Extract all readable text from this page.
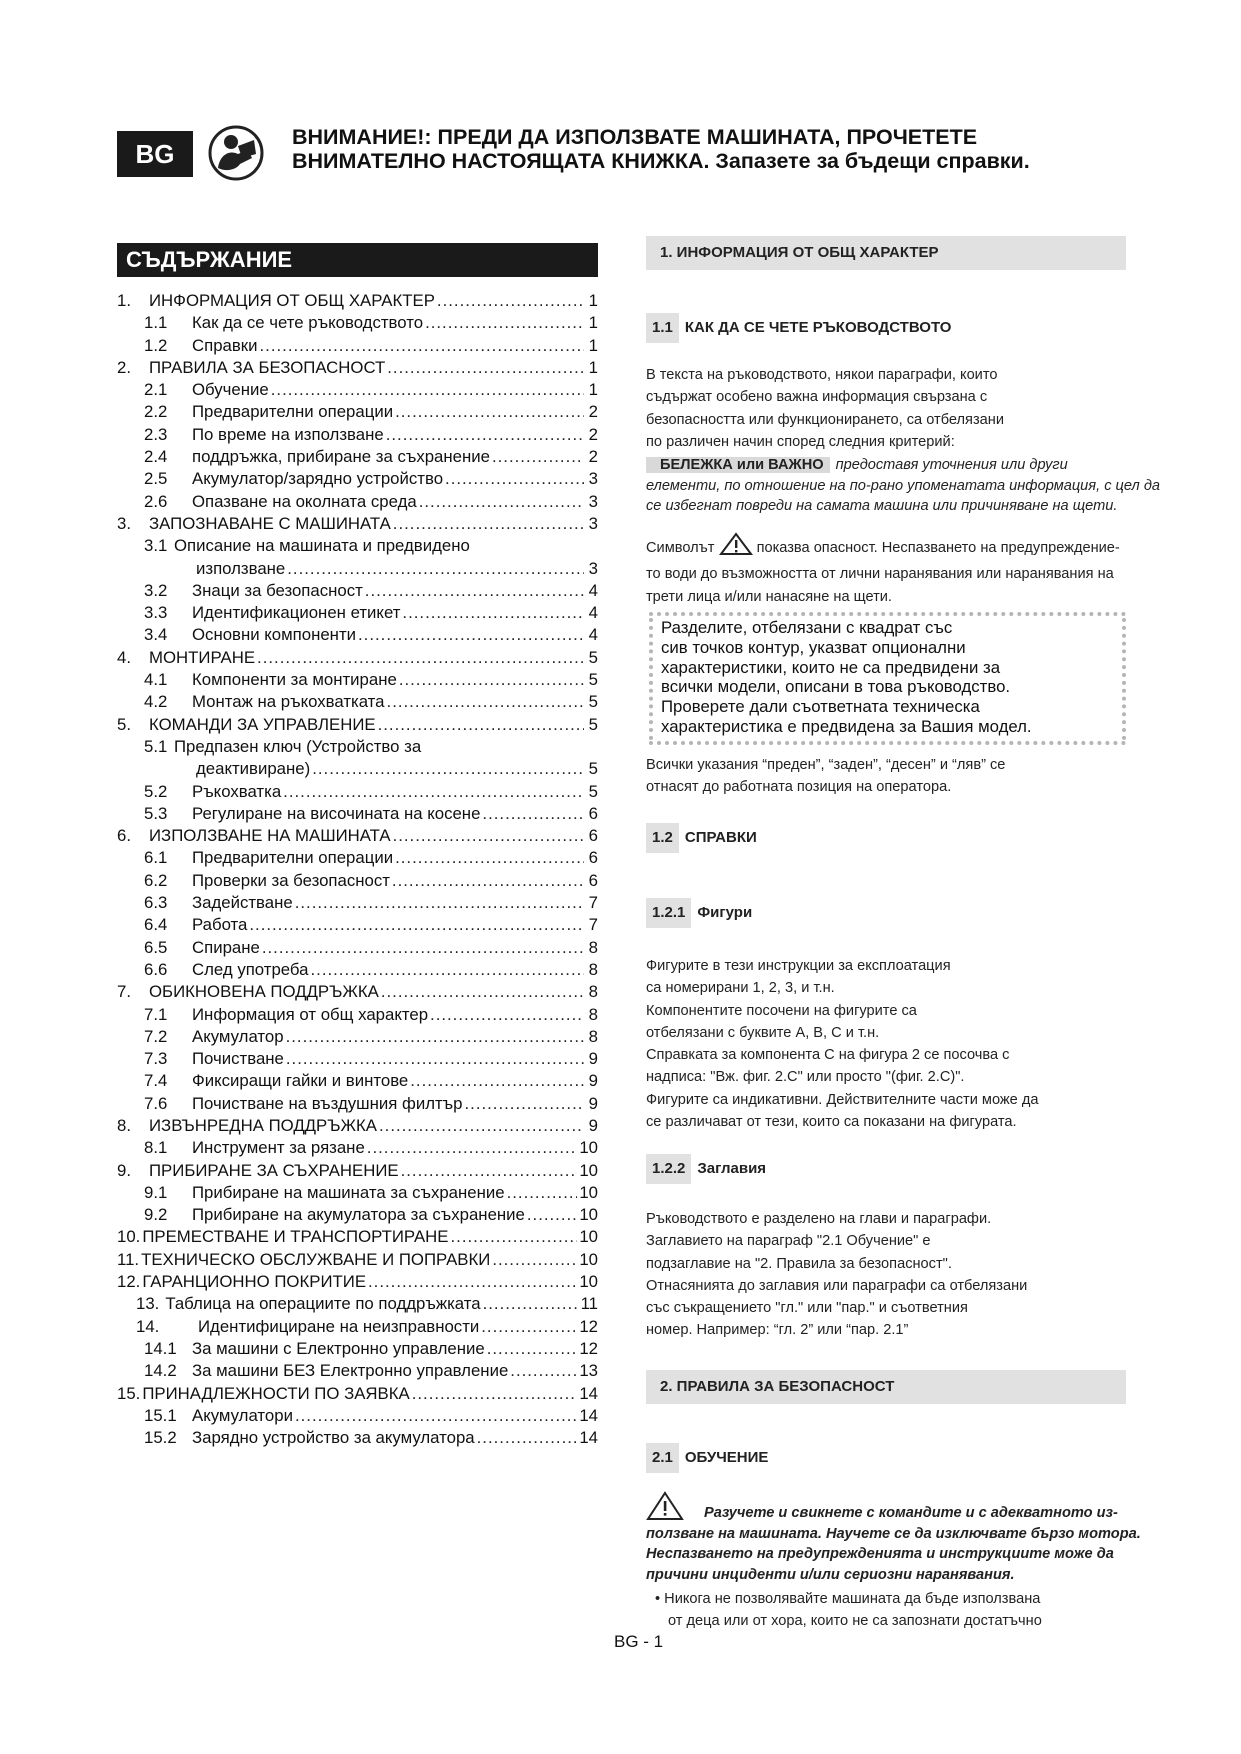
BG
ВНИМАНИЕ!: ПРЕДИ ДА ИЗПОЛЗВАТЕ МАШИНАТА, ПРОЧЕТЕТЕ
ВНИМАТЕЛНО НАСТОЯЩАТА КНИЖКА. Запазете за бъдещи справки.
СЪДЪРЖАНИЕ
1.	ИНФОРМАЦИЯ ОТ ОБЩ ХАРАКТЕР .....	1
1.1	Как да се чете ръководството .....	1
1.2	Справки .....	1
2.	ПРАВИЛА ЗА БЕЗОПАСНОСТ .....	1
2.1	Обучение .....	1
2.2	Предварителни операции .....	2
2.3	По време на използване .....	2
2.4	поддръжка, прибиране за съхранение .....	2
2.5	Акумулатор/зарядно устройство .....	3
2.6	Опазване на околната среда .....	3
3.	ЗАПОЗНАВАНЕ С МАШИНАТА .....	3
3.1 Описание на машината и предвидено
използване .....	3
3.2	Знаци за безопасност .....	4
3.3	Идентификационен етикет .....	4
3.4	Основни компоненти .....	4
4.	МОНТИРАНЕ .....	5
4.1	Компоненти за монтиране .....	5
4.2	Монтаж на ръкохватката .....	5
5.	КОМАНДИ ЗА УПРАВЛЕНИЕ .....	5
5.1 Предпазен ключ (Устройство за
деактивиране) .....	5
5.2	Ръкохватка .....	5
5.3	Регулиране на височината на косене .....	6
6.	ИЗПОЛЗВАНЕ НА МАШИНАТА .....	6
6.1	Предварителни операции .....	6
6.2	Проверки за безопасност .....	6
6.3	Задействане .....	7
6.4	Работа .....	7
6.5	Спиране .....	8
6.6	След употреба .....	8
7.	ОБИКНОВЕНА ПОДДРЪЖКА .....	8
7.1	Информация от общ характер .....	8
7.2	Акумулатор .....	8
7.3	Почистване .....	9
7.4	Фиксиращи гайки и винтове .....	9
7.6	Почистване на въздушния филтър .....	9
8.	ИЗВЪНРЕДНА ПОДДРЪЖКА .....	9
8.1	Инструмент за рязане .....	10
9.	ПРИБИРАНЕ ЗА СЪХРАНЕНИЕ .....	10
9.1	Прибиране на машината за съхранение .....	10
9.2	Прибиране на акумулатора за съхранение .....	10
10. ПРЕМЕСТВАНЕ И ТРАНСПОРТИРАНЕ .....	10
11. ТЕХНИЧЕСКО ОБСЛУЖВАНЕ И ПОПРАВКИ .....	10
12. ГАРАНЦИОННО ПОКРИТИЕ .....	10
13. Таблица на операциите по поддръжката .....	11
14.	Идентифициране на неизправности .....	12
14.1 За машини с Електронно управление .....	12
14.2 За машини БЕЗ Електронно управление .....	13
15. ПРИНАДЛЕЖНОСТИ ПО ЗАЯВКА .....	14
15.1 Акумулатори .....	14
15.2 Зарядно устройство за акумулатора .....	14
1. ИНФОРМАЦИЯ ОТ ОБЩ ХАРАКТЕР
1.1 КАК ДА СЕ ЧЕТЕ РЪКОВОДСТВОТО
В текста на ръководството, някои параграфи, които
съдържат особено важна информация свързана с
безопасността или функционирането, са отбелязани
по различен начин според следния критерий:
БЕЛЕЖКА или ВАЖНО предоставя уточнения или други
елементи, по отношение на по-рано упоменатата информация, с цел да
се избегнат повреди на самата машина или причиняване на щети.
Символът	показва опасност. Неспазването на предупреждение-
то води до възможността от лични наранявания или наранявания на
трети лица и/или нанасяне на щети.
Разделите, отбелязани с квадрат със
сив точков контур, указват опционални
характеристики, които не са предвидени за
всички модели, описани в това ръководство.
Проверете дали съответната техническа
характеристика е предвидена за Вашия модел.
Всички указания “преден”, “заден”, “десен” и “ляв” се
отнасят до работната позиция на оператора.
1.2 СПРАВКИ
1.2.1 Фигури
Фигурите в тези инструкции за експлоатация
са номерирани 1, 2, 3, и т.н.
Компонентите посочени на фигурите са
отбелязани с буквите A, B, C и т.н.
Справката за компонента C на фигура 2 се посочва с
надписа: "Вж. фиг. 2.C" или просто "(фиг. 2.C)".
Фигурите са индикативни. Действителните части може да
се различават от тези, които са показани на фигурата.
1.2.2 Заглавия
Ръководството е разделено на глави и параграфи.
Заглавието на параграф "2.1 Обучение" е
подзаглавие на "2. Правила за безопасност".
Отнасянията до заглавия или параграфи са отбелязани
със съкращението "гл." или "пар." и съответния
номер. Например: “гл. 2” или “пар. 2.1”
2. ПРАВИЛА ЗА БЕЗОПАСНОСТ
2.1 ОБУЧЕНИЕ
Разучете и свикнете с командите и с адекватното из-
ползване на машината. Научете се да изключвате бързо мотора.
Неспазването на предупрежденията и инструкциите може да
причини инциденти и/или сериозни наранявания.
• Никога не позволявайте машината да бъде използвана
от деца или от хора, които не са запознати достатъчно
BG - 1
